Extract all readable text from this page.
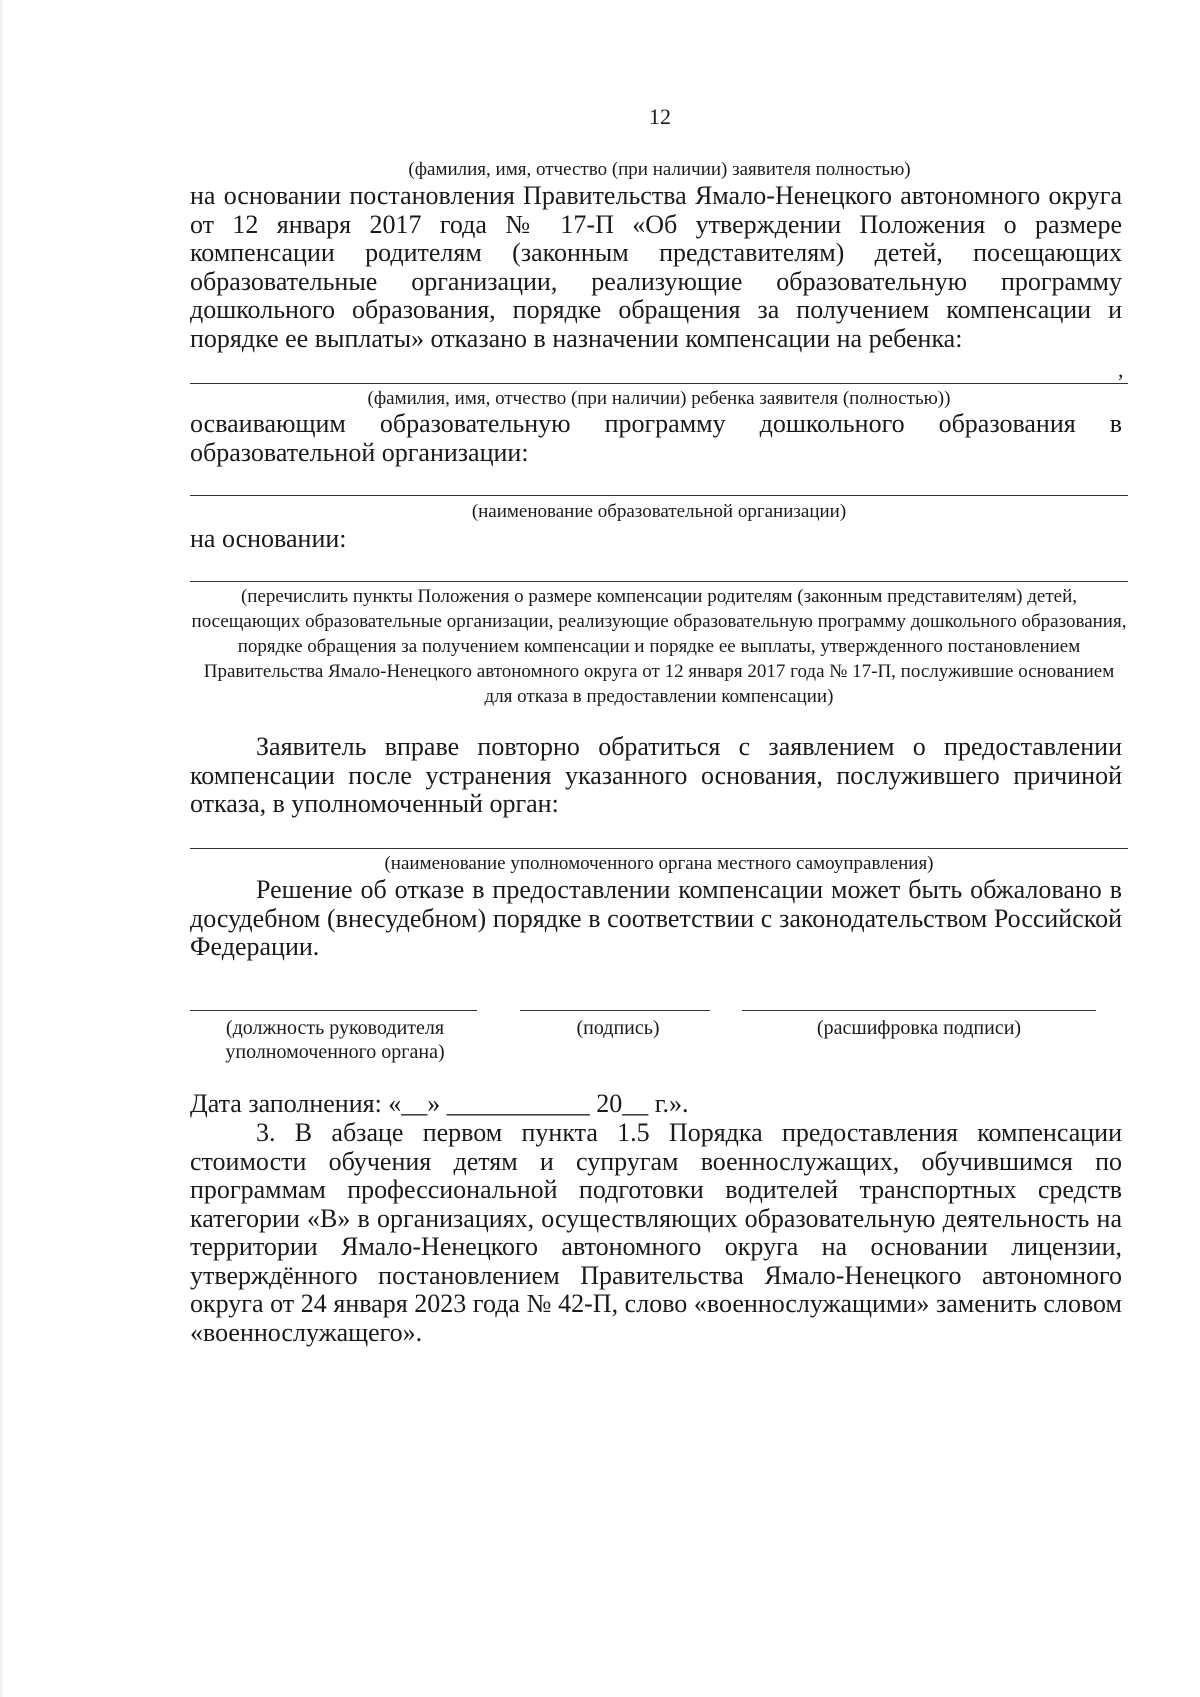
12
(фамилия, имя, отчество (при наличии) заявителя полностью)
на основании постановления Правительства Ямало-Ненецкого автономного округа от 12 января 2017 года № 17-П «Об утверждении Положения о размере компенсации родителям (законным представителям) детей, посещающих образовательные организации, реализующие образовательную программу дошкольного образования, порядке обращения за получением компенсации и порядке ее выплаты» отказано в назначении компенсации на ребенка:
,
(фамилия, имя, отчество (при наличии) ребенка заявителя (полностью))
осваивающим образовательную программу дошкольного образования в образовательной организации:
(наименование образовательной организации)
на основании:
(перечислить пункты Положения о размере компенсации родителям (законным представителям) детей, посещающих образовательные организации, реализующие образовательную программу дошкольного образования, порядке обращения за получением компенсации и порядке ее выплаты, утвержденного постановлением Правительства Ямало-Ненецкого автономного округа от 12 января 2017 года № 17-П, послужившие основанием для отказа в предоставлении компенсации)
Заявитель вправе повторно обратиться с заявлением о предоставлении компенсации после устранения указанного основания, послужившего причиной отказа, в уполномоченный орган:
(наименование уполномоченного органа местного самоуправления)
Решение об отказе в предоставлении компенсации может быть обжаловано в досудебном (внесудебном) порядке в соответствии с законодательством Российской Федерации.
(должность руководителя
уполномоченного органа)
(подпись)	(расшифровка подписи)
Дата заполнения: «__» ___________ 20__ г.».
3. В абзаце первом пункта 1.5 Порядка предоставления компенсации стоимости обучения детям и супругам военнослужащих, обучившимся по программам профессиональной подготовки водителей транспортных средств категории «В» в организациях, осуществляющих образовательную деятельность на территории Ямало-Ненецкого автономного округа на основании лицензии, утверждённого постановлением Правительства Ямало-Ненецкого автономного округа от 24 января 2023 года № 42-П, слово «военнослужащими» заменить словом «военнослужащего».
